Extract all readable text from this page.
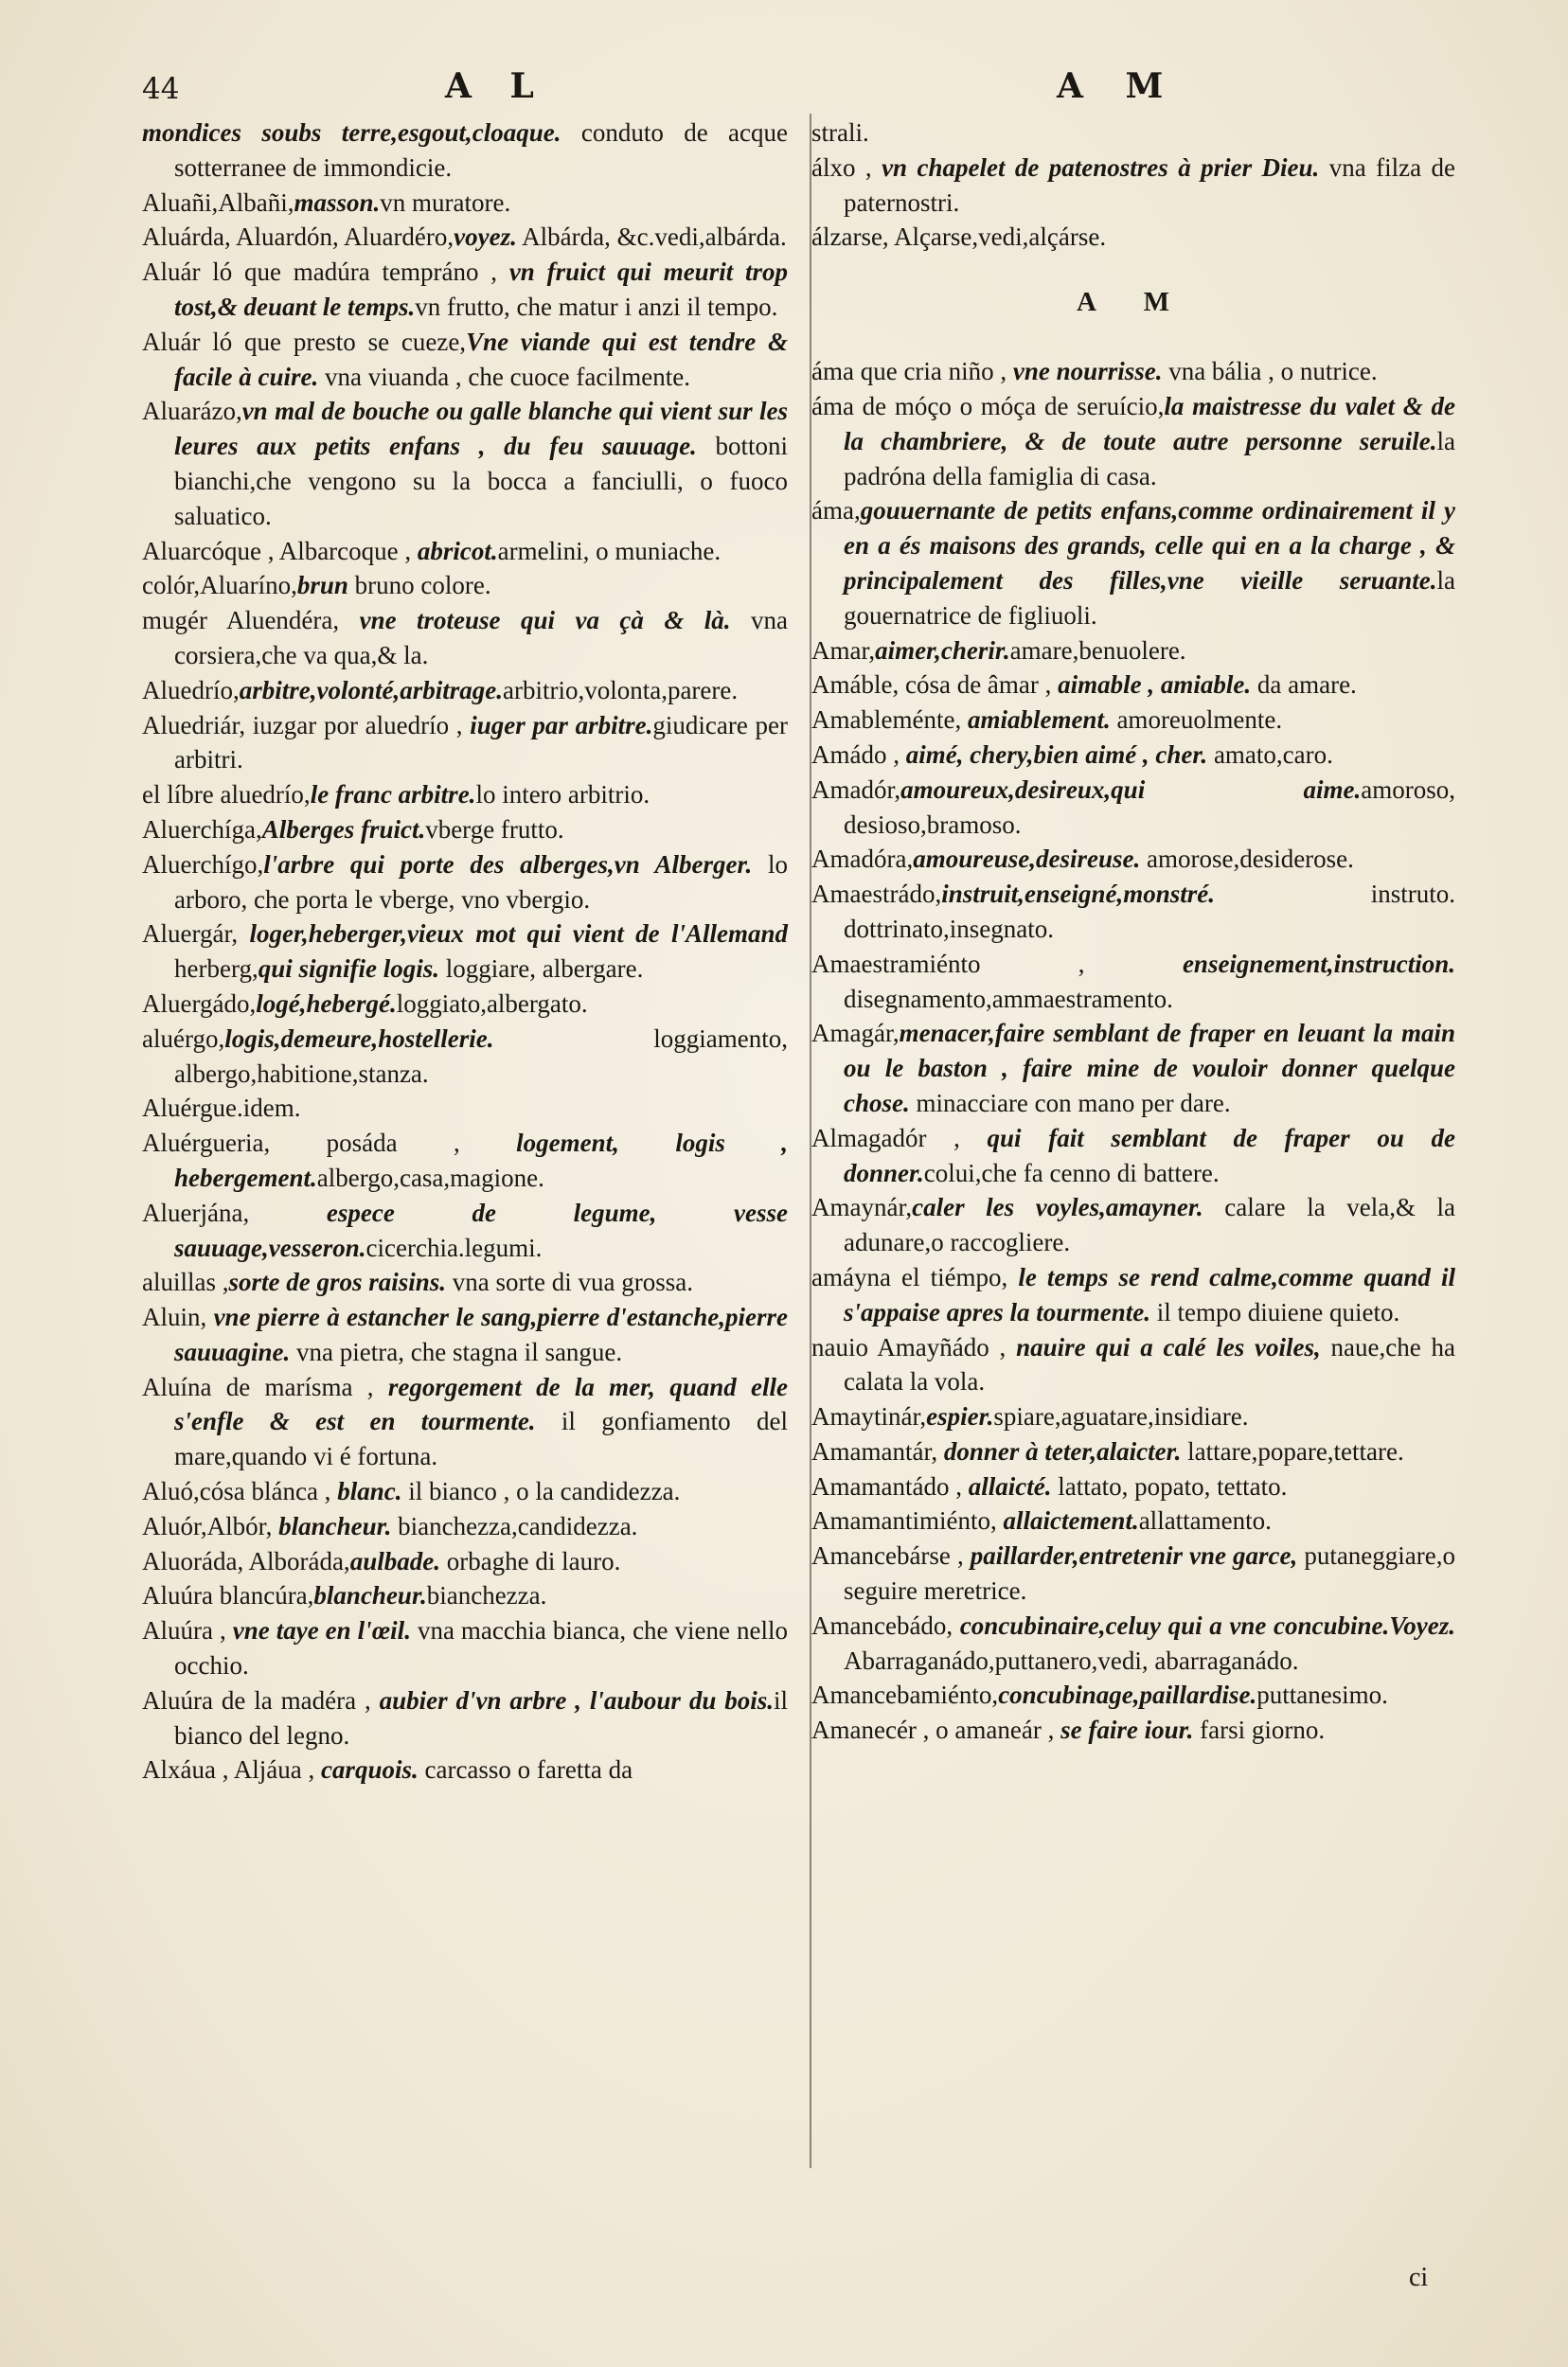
44	A L	A M
mondices soubs terre,esgout,cloaque. conduto de acque sotterranee de immondicie.
Aluañi,Albañi,masson.vn muratore.
Aluárda, Aluardón, Aluardéro,voyez. Albárda, &c.vedi,albárda.
Aluár ló que madúra tempráno , vn fruict qui meurit trop tost,& deuant le temps.vn frutto, che matur i anzi il tempo.
Aluár ló que presto se cueze,Vne viande qui est tendre & facile à cuire. vna viuanda , che cuoce facilmente.
Aluarázo,vn mal de bouche ou galle blanche qui vient sur les leures aux petits enfans , du feu sauuage. bottoni bianchi,che vengono su la bocca a fanciulli, o fuoco saluatico.
Aluarcóque , Albarcoque , abricot.armelini, o muniache.
colór,Aluaríno,brun bruno colore.
mugér Aluendéra, vne troteuse qui va çà & là. vna corsiera,che va qua,& la.
Aluedrío,arbitre,volonté,arbitrage.arbitrio,volonta,parere.
Aluedriár, iuzgar por aluedrío , iuger par arbitre.giudicare per arbitri.
el líbre aluedrío,le franc arbitre.lo intero arbitrio.
Aluerchíga,Alberges fruict.vberge frutto.
Aluerchígo,l'arbre qui porte des alberges,vn Alberger. lo arboro, che porta le vberge, vno vbergio.
Aluergár, loger,heberger,vieux mot qui vient de l'Allemand herberg,qui signifie logis. loggiare, albergare.
Aluergádo,logé,hebergé.loggiato,albergato.
aluérgo,logis,demeure,hostellerie. loggiamento, albergo,habitione,stanza.
Aluérgue.idem.
Aluérgueria, posáda , logement, logis , hebergement.albergo,casa,magione.
Aluerjána, espece de legume, vesse sauuage,vesseron.cicerchia.legumi.
aluillas ,sorte de gros raisins. vna sorte di vua grossa.
Aluin, vne pierre à estancher le sang,pierre d'estanche,pierre sauuagine. vna pietra, che stagna il sangue.
Aluína de marísma , regorgement de la mer, quand elle s'enfle & est en tourmente. il gonfiamento del mare,quando vi é fortuna.
Aluó,cósa blánca , blanc. il bianco , o la candidezza.
Aluór,Albór, blancheur. bianchezza,candidezza.
Aluoráda, Alboráda,aulbade. orbaghe di lauro.
Aluúra blancúra,blancheur.bianchezza.
Aluúra , vne taye en l'œil. vna macchia bianca, che viene nello occhio.
Aluúra de la madéra , aubier d'vn arbre , l'aubour du bois.il bianco del legno.
Alxáua , Aljáua , carquois. carcasso o faretta da
strali.
álxo , vn chapelet de patenostres à prier Dieu. vna filza de paternostri.
álzarse, Alçarse,vedi,alçárse.
A M
áma que cria niño , vne nourrisse. vna bália , o nutrice.
áma de móço o móça de seruício,la maistresse du valet & de la chambriere, & de toute autre personne seruile.la padróna della famiglia di casa.
áma,gouuernante de petits enfans,comme ordinairement il y en a és maisons des grands, celle qui en a la charge , & principalement des filles,vne vieille seruante.la gouernatrice de figliuoli.
Amar,aimer,cherir.amare,benuolere.
Amáble, cósa de âmar , aimable , amiable. da amare.
Amableménte, amiablement. amoreuolmente.
Amádo , aimé, chery,bien aimé , cher. amato,caro.
Amadór,amoureux,desireux,qui aime.amoroso, desioso,bramoso.
Amadóra,amoureuse,desireuse. amorose,desiderose.
Amaestrádo,instruit,enseigné,monstré. instruto. dottrinato,insegnato.
Amaestramiénto , enseignement,instruction. disegnamento,ammaestramento.
Amagár,menacer,faire semblant de fraper en leuant la main ou le baston , faire mine de vouloir donner quelque chose. minacciare con mano per dare.
Almagadór , qui fait semblant de fraper ou de donner.colui,che fa cenno di battere.
Amaynár,caler les voyles,amayner. calare la vela,& la adunare,o raccogliere.
amáyna el tiémpo, le temps se rend calme,comme quand il s'appaise apres la tourmente. il tempo diuiene quieto.
nauio Amayñádo , nauire qui a calé les voiles, naue,che ha calata la vola.
Amaytinár,espier.spiare,aguatare,insidiare.
Amamantár, donner à teter,alaicter. lattare,popare,tettare.
Amamantádo , allaicté. lattato, popato, tettato.
Amamantimiénto, allaictement.allattamento.
Amancebárse , paillarder,entretenir vne garce, putaneggiare,o seguire meretrice.
Amancebádo, concubinaire,celuy qui a vne concubine.Voyez. Abarraganádo,puttanero,vedi, abarraganádo.
Amancebamiénto,concubinage,paillardise.puttanesimo.
Amanecér , o amaneár , se faire iour. farsi giorno.
ci
